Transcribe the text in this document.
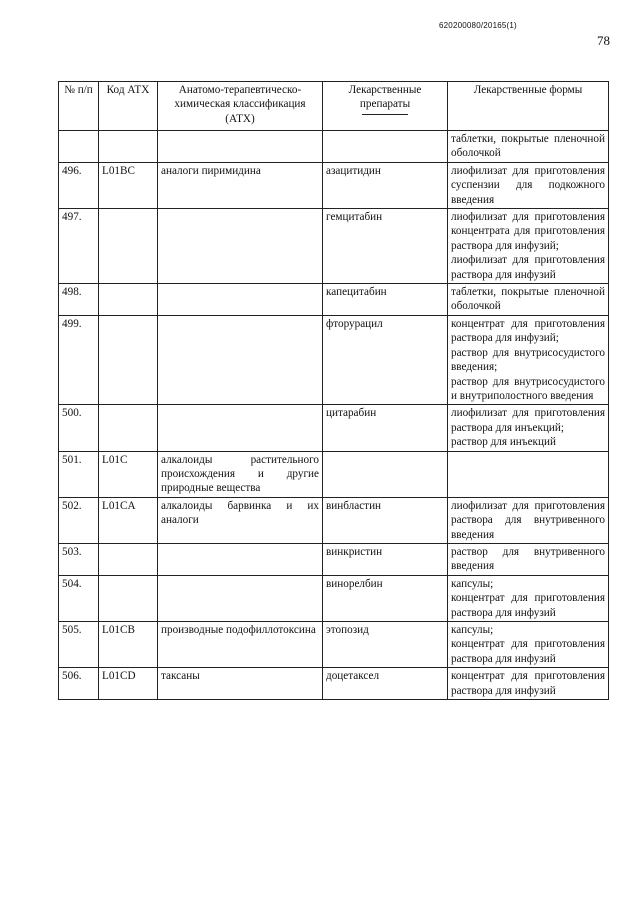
620200080/20165(1)
78
№ п/п	Код АТХ	Анатомо-терапевтическо-химическая классификация (АТХ)	Лекарственные препараты	Лекарственные формы
				таблетки, покрытые пленочной оболочкой
496.	L01BC	аналоги пиримидина	азацитидин	лиофилизат для приготовления суспензии для подкожного введения
497.			гемцитабин	лиофилизат для приготовления концентрата для приготовления раствора для инфузий;
лиофилизат для приготовления раствора для инфузий
498.			капецитабин	таблетки, покрытые пленочной оболочкой
499.			фторурацил	концентрат для приготовления раствора для инфузий;
раствор для внутрисосудистого введения;
раствор для внутрисосудистого и внутриполостного введения
500.			цитарабин	лиофилизат для приготовления раствора для инъекций;
раствор для инъекций
501.	L01C	алкалоиды растительного происхождения и другие природные вещества		
502.	L01CA	алкалоиды барвинка и их аналоги	винбластин	лиофилизат для приготовления раствора для внутривенного введения
503.			винкристин	раствор для внутривенного введения
504.			винорелбин	капсулы;
концентрат для приготовления раствора для инфузий
505.	L01CB	производные подофиллотоксина	этопозид	капсулы;
концентрат для приготовления раствора для инфузий
506.	L01CD	таксаны	доцетаксел	концентрат для приготовления раствора для инфузий
